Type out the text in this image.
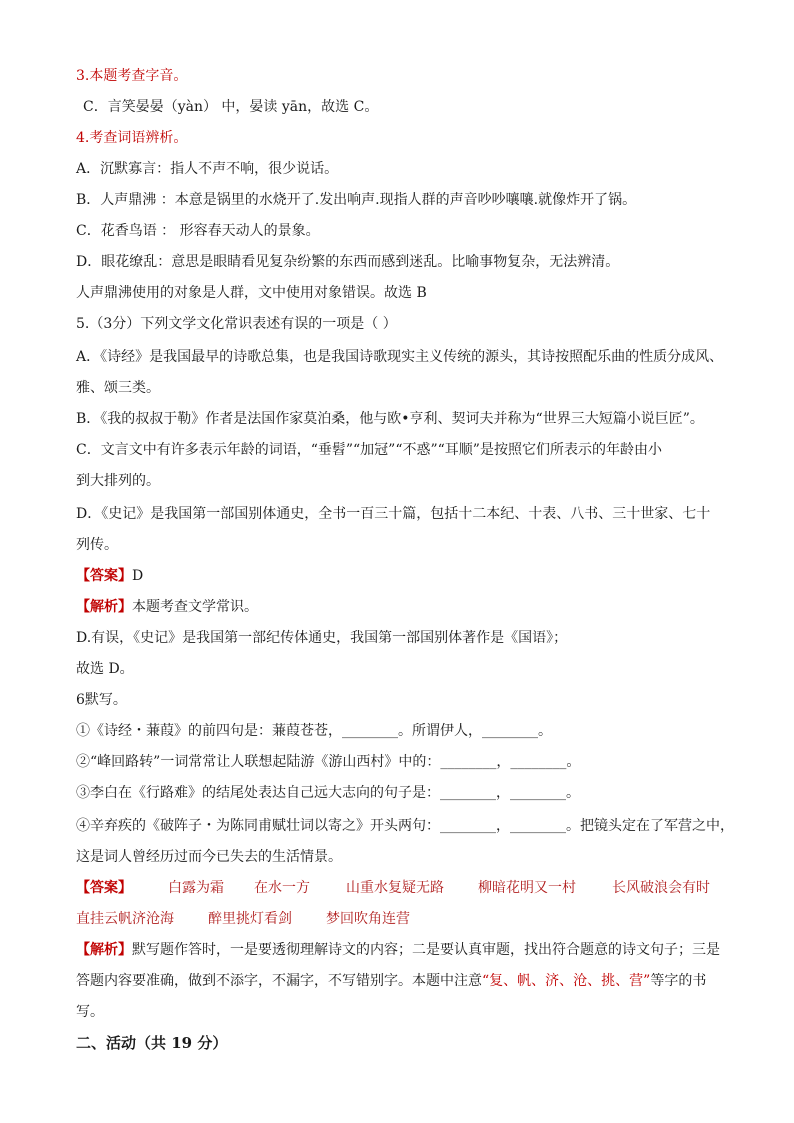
3.本题考查字音。
C．言笑晏晏（yàn） 中，晏读 yān，故选 C。
4.考查词语辨析。
A．沉默寡言：指人不声不响，很少说话。
B．人声鼎沸 ：本意是锅里的水烧开了.发出响声.现指人群的声音吵吵嚷嚷.就像炸开了锅。
C．花香鸟语 ： 形容春天动人的景象。
D．眼花缭乱：意思是眼睛看见复杂纷繁的东西而感到迷乱。比喻事物复杂，无法辨清。
人声鼎沸使用的对象是人群，文中使用对象错误。故选 B
5.（3分）下列文学文化常识表述有误的一项是（ ）
A．《诗经》是我国最早的诗歌总集，也是我国诗歌现实主义传统的源头，其诗按照配乐曲的性质分成风、
雅、颂三类。
B．《我的叔叔于勒》作者是法国作家莫泊桑，他与欧•亨利、契诃夫并称为“世界三大短篇小说巨匠”。
C．文言文中有许多表示年龄的词语，“垂髫”“加冠”“不惑”“耳顺”是按照它们所表示的年龄由小
到大排列的。
D．《史记》是我国第一部国别体通史，全书一百三十篇，包括十二本纪、十表、八书、三十世家、七十
列传。
【答案】D
【解析】本题考查文学常识。
D.有误，《史记》是我国第一部纪传体通史，我国第一部国别体著作是《国语》；
故选 D。
6默写。
①《诗经・蒹葭》的前四句是：蒹葭苍苍，________。所谓伊人，________。
②“峰回路转”一词常常让人联想起陆游《游山西村》中的：________，________。
③李白在《行路难》的结尾处表达自己远大志向的句子是：________，________。
④辛弃疾的《破阵子・为陈同甫赋壮词以寄之》开头两句：________，________。把镜头定在了军营之中，
这是词人曾经历过而今已失去的生活情景。
【答案】	白露为霜 在水一方	山重水复疑无路 柳暗花明又一村	长风破浪会有时
直挂云帆济沧海 醉里挑灯看剑 梦回吹角连营
【解析】默写题作答时，一是要透彻理解诗文的内容；二是要认真审题，找出符合题意的诗文句子；三是
答题内容要准确，做到不添字，不漏字，不写错别字。本题中注意“复、帆、济、沧、挑、营”等字的书
写。
二、活动（共 19 分）
